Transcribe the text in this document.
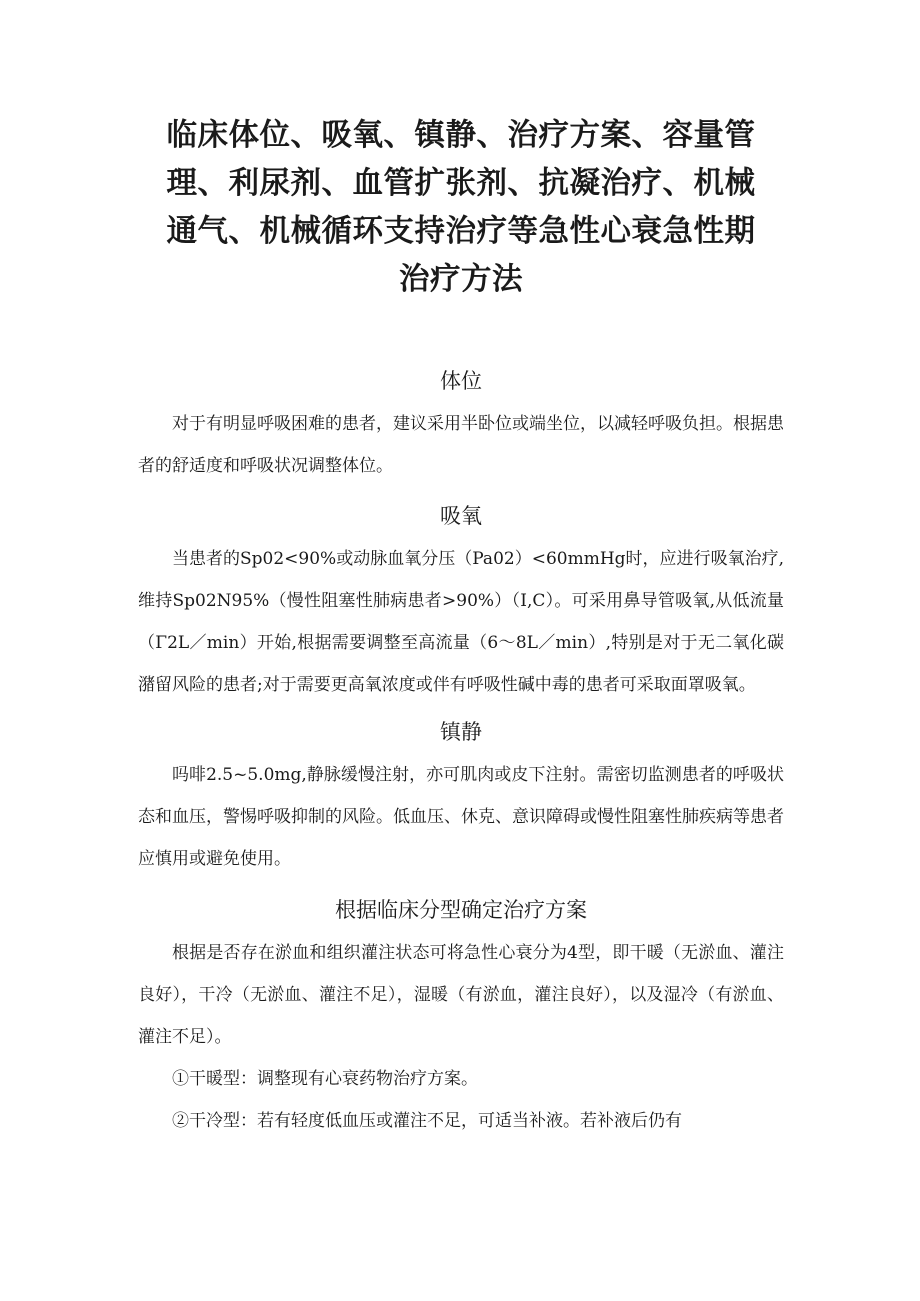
临床体位、吸氧、镇静、治疗方案、容量管
理、利尿剂、血管扩张剂、抗凝治疗、机械
通气、机械循环支持治疗等急性心衰急性期
治疗方法
体位

对于有明显呼吸困难的患者，建议采用半卧位或端坐位，以减轻呼吸负担。根据患者的舒适度和呼吸状况调整体位。

吸氧

当患者的Sp02<90%或动脉血氧分压（Pa02）<60mmHg时，应进行吸氧治疗,维持Sp02N95%（慢性阻塞性肺病患者>90%）（I,C）。可采用鼻导管吸氧,从低流量（Γ2L／min）开始,根据需要调整至高流量（6～8L／min）,特别是对于无二氧化碳潴留风险的患者;对于需要更高氧浓度或伴有呼吸性碱中毒的患者可采取面罩吸氧。

镇静

吗啡2.5~5.0mg,静脉缓慢注射，亦可肌肉或皮下注射。需密切监测患者的呼吸状态和血压，警惕呼吸抑制的风险。低血压、休克、意识障碍或慢性阻塞性肺疾病等患者应慎用或避免使用。

根据临床分型确定治疗方案

根据是否存在淤血和组织灌注状态可将急性心衰分为4型，即干暖（无淤血、灌注良好），干冷（无淤血、灌注不足），湿暖（有淤血，灌注良好），以及湿冷（有淤血、灌注不足）。

①干暖型：调整现有心衰药物治疗方案。

②干冷型：若有轻度低血压或灌注不足，可适当补液。若补液后仍有
